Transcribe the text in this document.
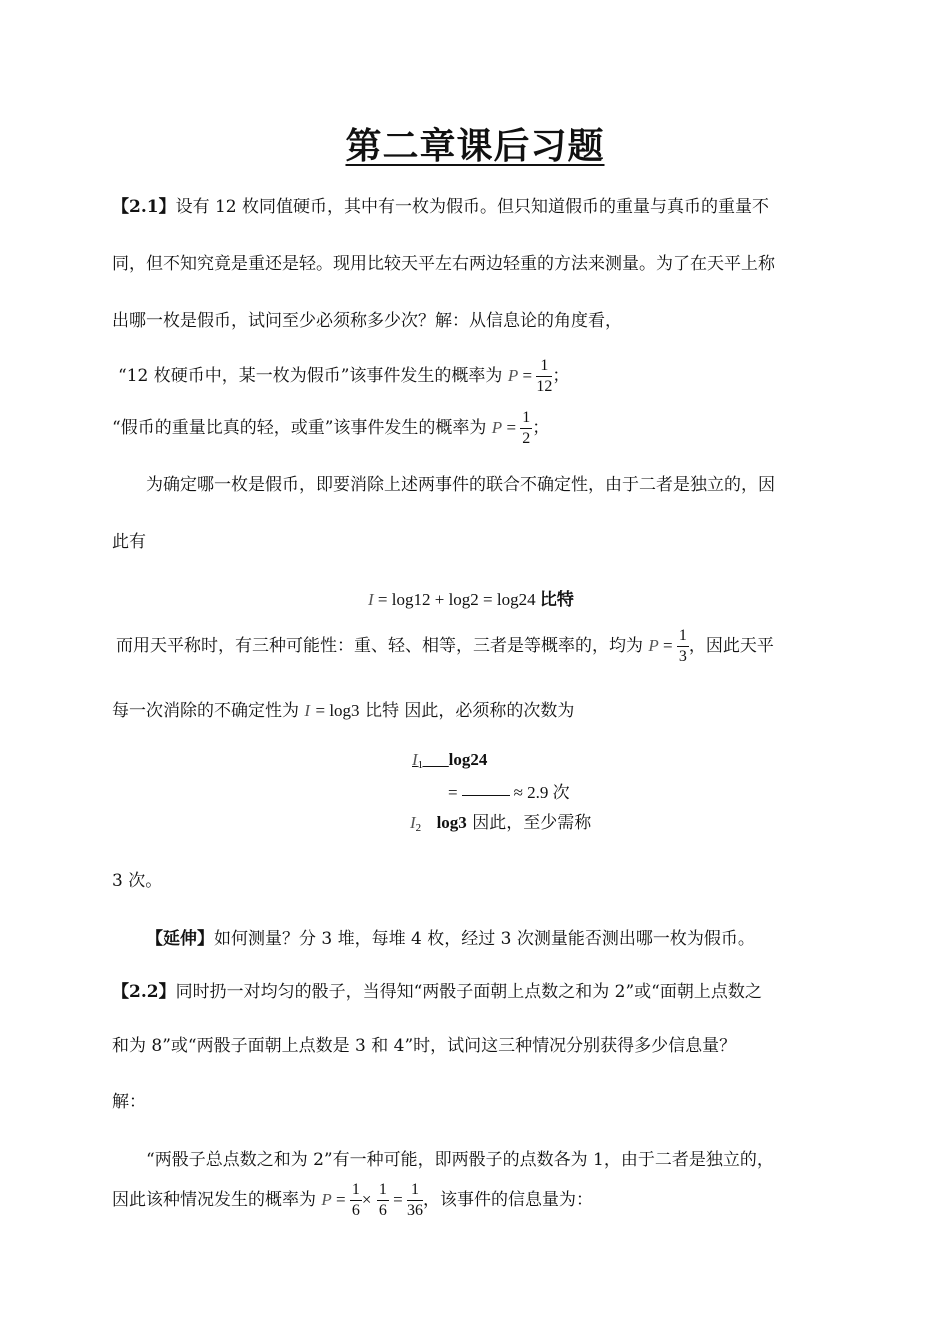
第二章课后习题
【2.1】设有 12 枚同值硬币，其中有一枚为假币。但只知道假币的重量与真币的重量不
同，但不知究竟是重还是轻。现用比较天平左右两边轻重的方法来测量。为了在天平上称
出哪一枚是假币，试问至少必须称多少次？解：从信息论的角度看，
“12 枚硬币中，某一枚为假币”该事件发生的概率为 $P = \frac{1}{12}$ ；
“假币的重量比真的轻，或重”该事件发生的概率为 $P = \frac{1}{2}$ ；
为确定哪一枚是假币，即要消除上述两事件的联合不确定性，由于二者是独立的，因
此有
I = log12 + log2 = log24 比特
而用天平称时，有三种可能性：重、轻、相等，三者是等概率的，均为 $P = \frac{1}{3}$ ，因此天平
每一次消除的不确定性为 I = log3 比特 因此，必须称的次数为
$I_1\_\_\_\log 24$
=	≈ 2.9 次
$I_2$ log3 因此，至少需称
3 次。
【延伸】如何测量？分 3 堆，每堆 4 枚，经过 3 次测量能否测出哪一枚为假币。
【2.2】同时扔一对均匀的骰子，当得知“两骰子面朝上点数之和为 2”或“面朝上点数之
和为 8”或“两骰子面朝上点数是 3 和 4”时，试问这三种情况分别获得多少信息量？
解：
“两骰子总点数之和为 2”有一种可能，即两骰子的点数各为 1，由于二者是独立的，
因此该种情况发生的概率为 $P = \frac{1}{6} \times \frac{1}{6} = \frac{1}{36}$ ，该事件的信息量为：
